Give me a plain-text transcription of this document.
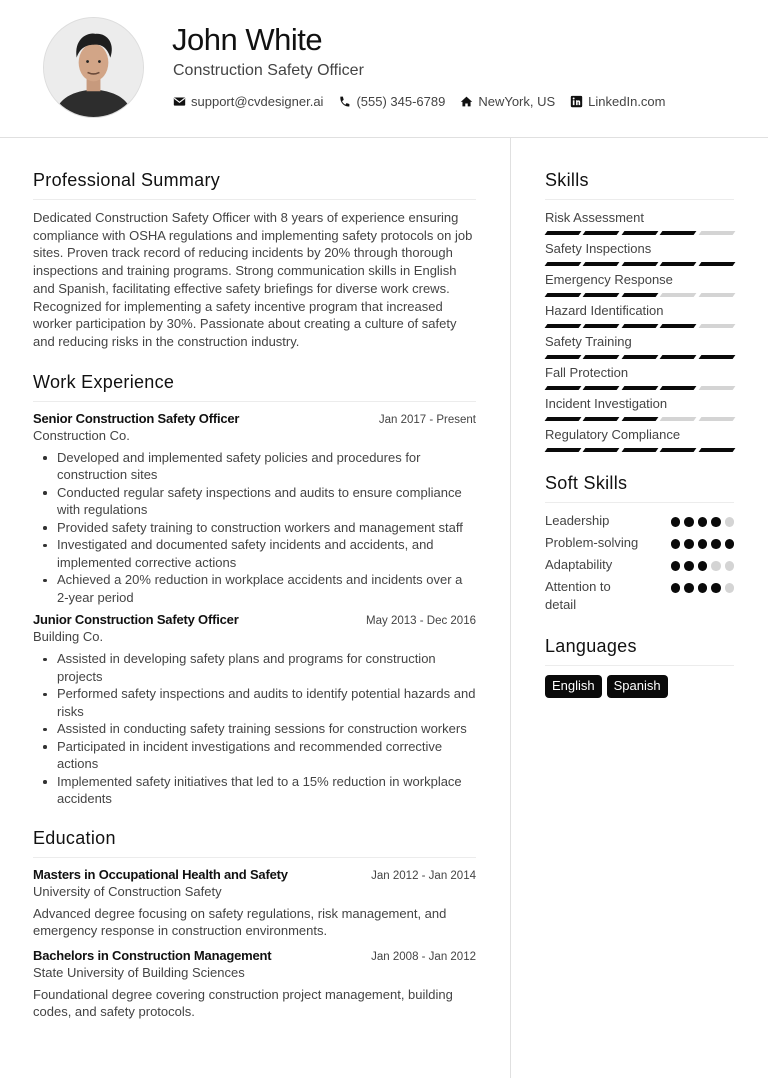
John White
Construction Safety Officer
support@cvdesigner.ai	(555) 345-6789	NewYork, US	LinkedIn.com
Professional Summary

Dedicated Construction Safety Officer with 8 years of experience ensuring compliance with OSHA regulations and implementing safety protocols on job sites. Proven track record of reducing incidents by 20% through thorough inspections and training programs. Strong communication skills in English and Spanish, facilitating effective safety briefings for diverse work crews. Recognized for implementing a safety incentive program that increased worker participation by 30%. Passionate about creating a culture of safety and reducing risks in the construction industry.

Work Experience
Senior Construction Safety Officer	Jan 2017 - Present
Construction Co.
Developed and implemented safety policies and procedures for construction sites
Conducted regular safety inspections and audits to ensure compliance with regulations
Provided safety training to construction workers and management staff
Investigated and documented safety incidents and accidents, and implemented corrective actions
Achieved a 20% reduction in workplace accidents and incidents over a 2-year period
Junior Construction Safety Officer	May 2013 - Dec 2016
Building Co.
Assisted in developing safety plans and programs for construction projects
Performed safety inspections and audits to identify potential hazards and risks
Assisted in conducting safety training sessions for construction workers
Participated in incident investigations and recommended corrective actions
Implemented safety initiatives that led to a 15% reduction in workplace accidents
Education
Masters in Occupational Health and Safety	Jan 2012 - Jan 2014
University of Construction Safety

Advanced degree focusing on safety regulations, risk management, and emergency response in construction environments.

Bachelors in Construction Management	Jan 2008 - Jan 2012
State University of Building Sciences

Foundational degree covering construction project management, building codes, and safety protocols.

Skills
Risk Assessment
Safety Inspections
Emergency Response
Hazard Identification
Safety Training
Fall Protection
Incident Investigation
Regulatory Compliance
Soft Skills
Leadership
Problem-solving
Adaptability
Attention to detail
Languages
English	Spanish
